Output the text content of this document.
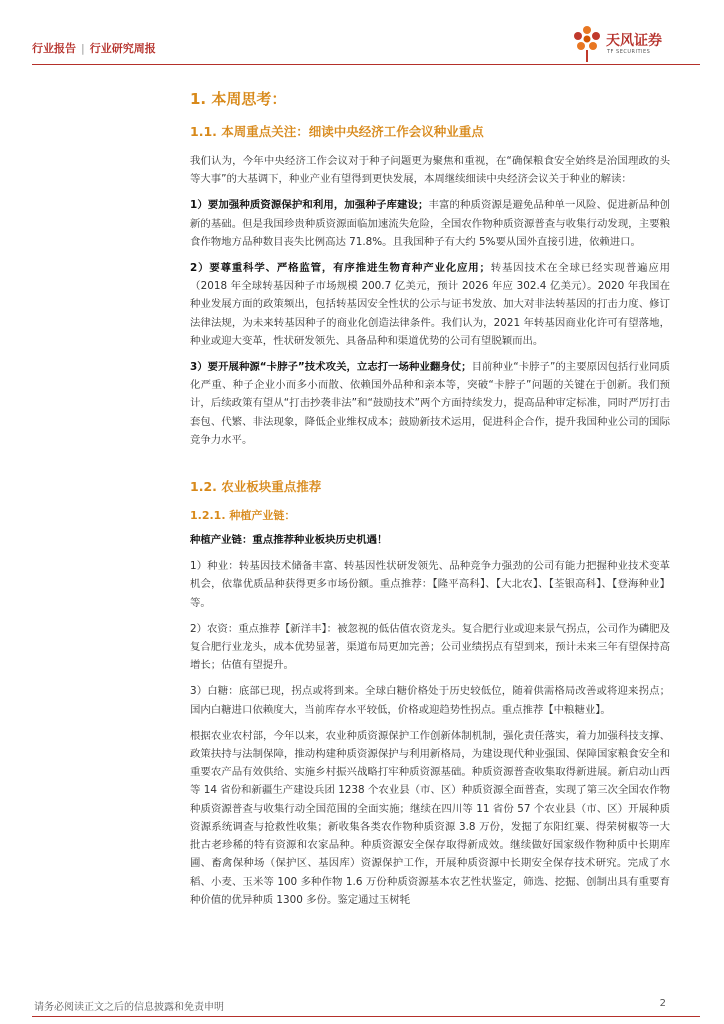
行业报告 | 行业研究周报	天风证券
TF SECURITIES
1. 本周思考：
1.1. 本周重点关注：细读中央经济工作会议种业重点

我们认为，今年中央经济工作会议对于种子问题更为聚焦和重视，在“确保粮食安全始终是治国理政的头等大事”的大基调下，种业产业有望得到更快发展，本周继续细读中央经济会议关于种业的解读：

1）要加强种质资源保护和利用，加强种子库建设；丰富的种质资源是避免品种单一风险、促进新品种创新的基础。但是我国珍贵种质资源面临加速流失危险，全国农作物种质资源普查与收集行动发现，主要粮食作物地方品种数目丧失比例高达 71.8%。且我国种子有大约 5%要从国外直接引进，依赖进口。

2）要尊重科学、严格监管，有序推进生物育种产业化应用；转基因技术在全球已经实现普遍应用（2018 年全球转基因种子市场规模 200.7 亿美元，预计 2026 年应 302.4 亿美元）。2020 年我国在种业发展方面的政策频出，包括转基因安全性状的公示与证书发放、加大对非法转基因的打击力度、修订法律法规，为未来转基因种子的商业化创造法律条件。我们认为，2021 年转基因商业化许可有望落地，种业或迎大变革，性状研发领先、具备品种和渠道优势的公司有望脱颖而出。

3）要开展种源“卡脖子”技术攻关，立志打一场种业翻身仗；目前种业“卡脖子”的主要原因包括行业同质化严重、种子企业小而多小而散、依赖国外品种和亲本等，突破“卡脖子”问题的关键在于创新。我们预计，后续政策有望从“打击抄袭非法”和“鼓励技术”两个方面持续发力，提高品种审定标准，同时严厉打击套包、代繁、非法现象，降低企业维权成本；鼓励新技术运用，促进科企合作，提升我国种业公司的国际竞争力水平。

1.2. 农业板块重点推荐
1.2.1. 种植产业链：

种植产业链：重点推荐种业板块历史机遇！

1）种业：转基因技术储备丰富、转基因性状研发领先、品种竞争力强劲的公司有能力把握种业技术变革机会，依靠优质品种获得更多市场份额。重点推荐：【隆平高科】、【大北农】、【荃银高科】、【登海种业】等。

2）农资：重点推荐【新洋丰】：被忽视的低估值农资龙头。复合肥行业或迎来景气拐点，公司作为磷肥及复合肥行业龙头，成本优势显著，渠道布局更加完善；公司业绩拐点有望到来，预计未来三年有望保持高增长；估值有望提升。

3）白糖：底部已现，拐点或将到来。全球白糖价格处于历史较低位，随着供需格局改善或将迎来拐点；国内白糖进口依赖度大，当前库存水平较低，价格或迎趋势性拐点。重点推荐【中粮糖业】。

根据农业农村部，今年以来，农业种质资源保护工作创新体制机制，强化责任落实，着力加强科技支撑、政策扶持与法制保障，推动构建种质资源保护与利用新格局，为建设现代种业强国、保障国家粮食安全和重要农产品有效供给、实施乡村振兴战略打牢种质资源基础。种质资源普查收集取得新进展。新启动山西等 14 省份和新疆生产建设兵团 1238 个农业县（市、区）种质资源全面普查，实现了第三次全国农作物种质资源普查与收集行动全国范围的全面实施；继续在四川等 11 省份 57 个农业县（市、区）开展种质资源系统调查与抢救性收集；新收集各类农作物种质资源 3.8 万份，发掘了东阳红粟、得荣树椒等一大批古老珍稀的特有资源和农家品种。种质资源安全保存取得新成效。继续做好国家级作物种质中长期库圃、畜禽保种场（保护区、基因库）资源保护工作，开展种质资源中长期安全保存技术研究。完成了水稻、小麦、玉米等 100 多种作物 1.6 万份种质资源基本农艺性状鉴定，筛选、挖掘、创制出具有重要育种价值的优异种质 1300 多份。鉴定通过玉树牦

请务必阅读正文之后的信息披露和免责申明	2
